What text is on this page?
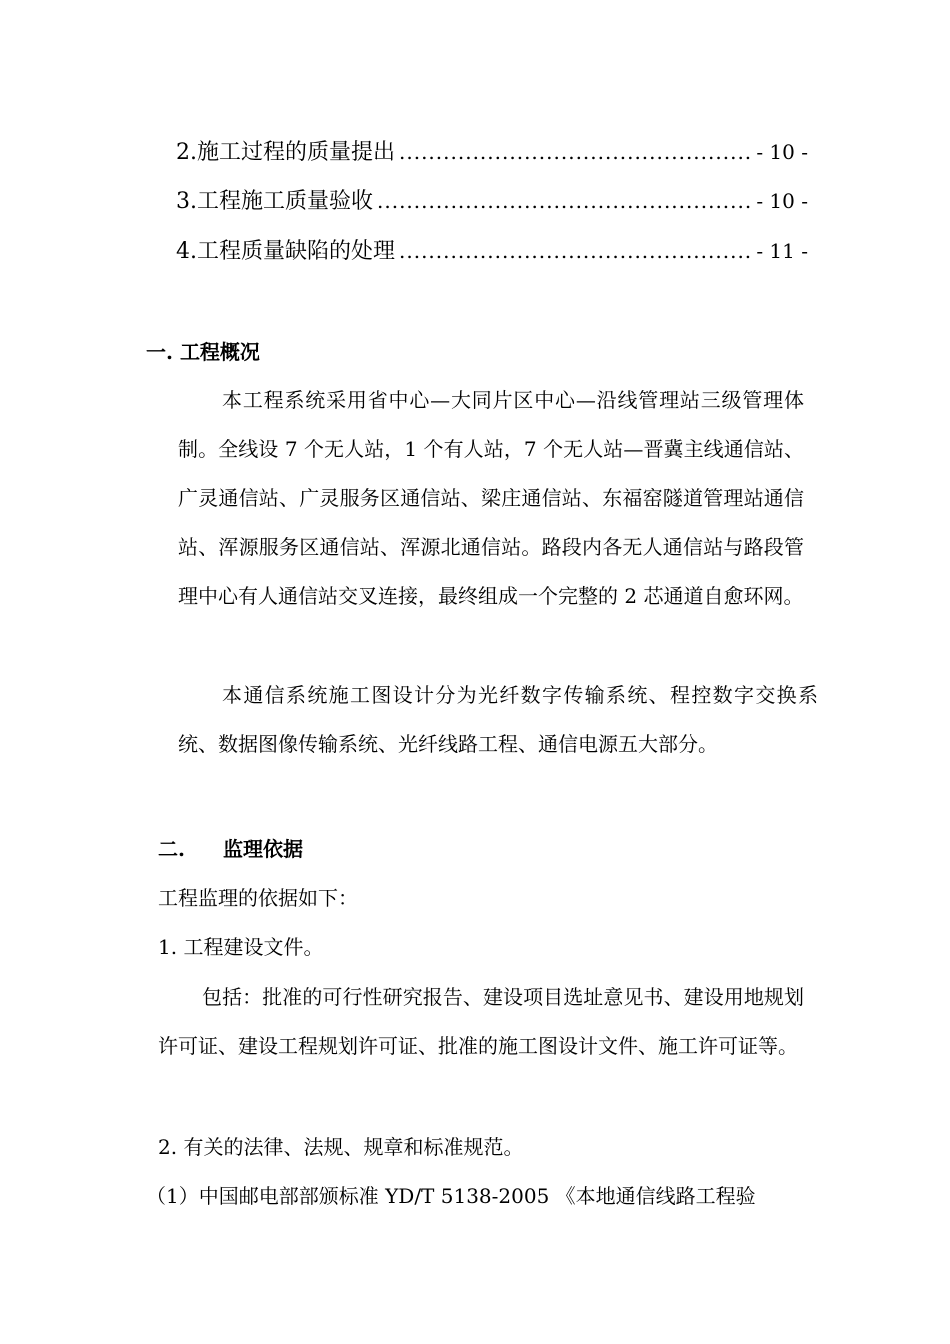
2.施工过程的质量提出 .....	- 10 -
3.工程施工质量验收 .....	- 10 -
4.工程质量缺陷的处理 .....	- 11 -
一. 工程概况

本工程系统采用省中心—大同片区中心—沿线管理站三级管理体制。全线设 7 个无人站，1 个有人站，7 个无人站—晋冀主线通信站、广灵通信站、广灵服务区通信站、梁庄通信站、东福窑隧道管理站通信站、浑源服务区通信站、浑源北通信站。路段内各无人通信站与路段管理中心有人通信站交叉连接，最终组成一个完整的 2 芯通道自愈环网。

本通信系统施工图设计分为光纤数字传输系统、程控数字交换系统、数据图像传输系统、光纤线路工程、通信电源五大部分。

二. 监理依据
工程监理的依据如下：
1. 工程建设文件。

包括：批准的可行性研究报告、建设项目选址意见书、建设用地规划许可证、建设工程规划许可证、批准的施工图设计文件、施工许可证等。

2. 有关的法律、法规、规章和标准规范。
（1）中国邮电部部颁标准 YD/T 5138-2005 《本地通信线路工程验
